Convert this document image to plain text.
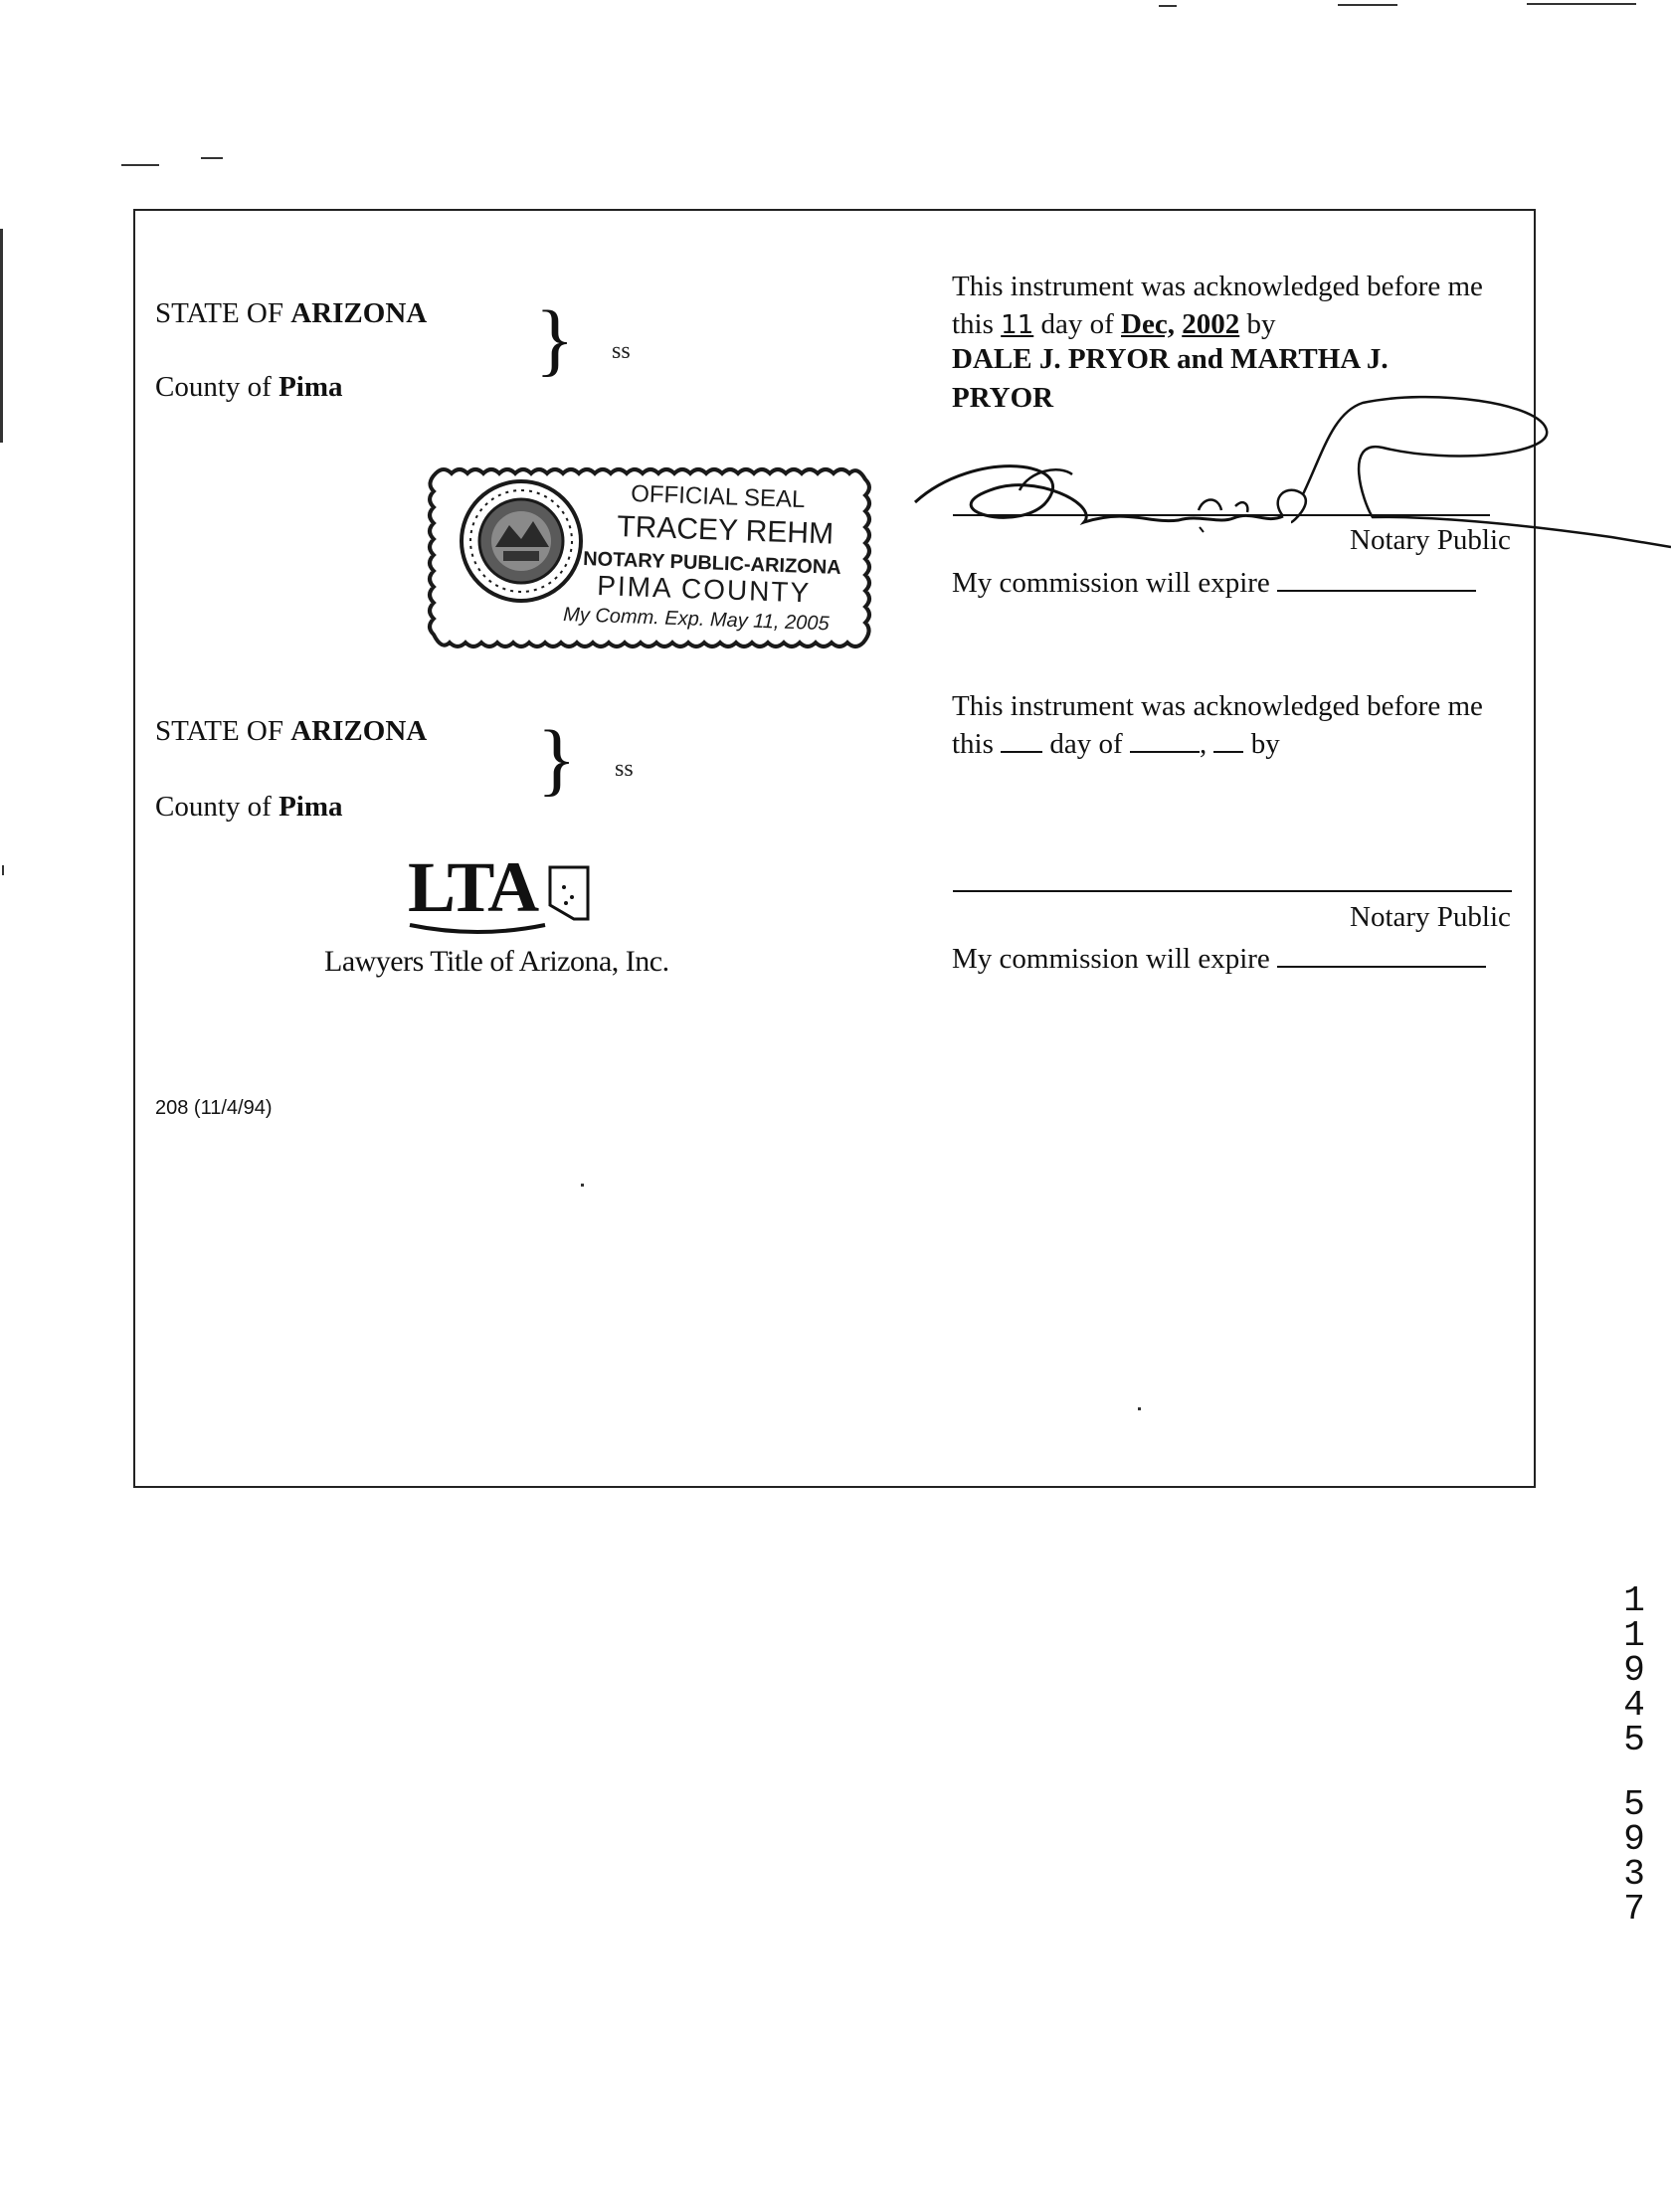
STATE OF ARIZONA
County of Pima
} ss
This instrument was acknowledged before me
this 11 day of Dec, 2002 by
DALE J. PRYOR and MARTHA J.
PRYOR
Notary Public
My commission will expire
OFFICIAL SEAL
TRACEY REHM
NOTARY PUBLIC-ARIZONA
PIMA COUNTY
My Comm. Exp. May 11, 2005
STATE OF ARIZONA
County of Pima
} ss
LTA
Lawyers Title of Arizona, Inc.
This instrument was acknowledged before me
this day of	, by
Notary Public
My commission will expire
208 (11/4/94)
1
1
9
4
5
5
9
3
7
